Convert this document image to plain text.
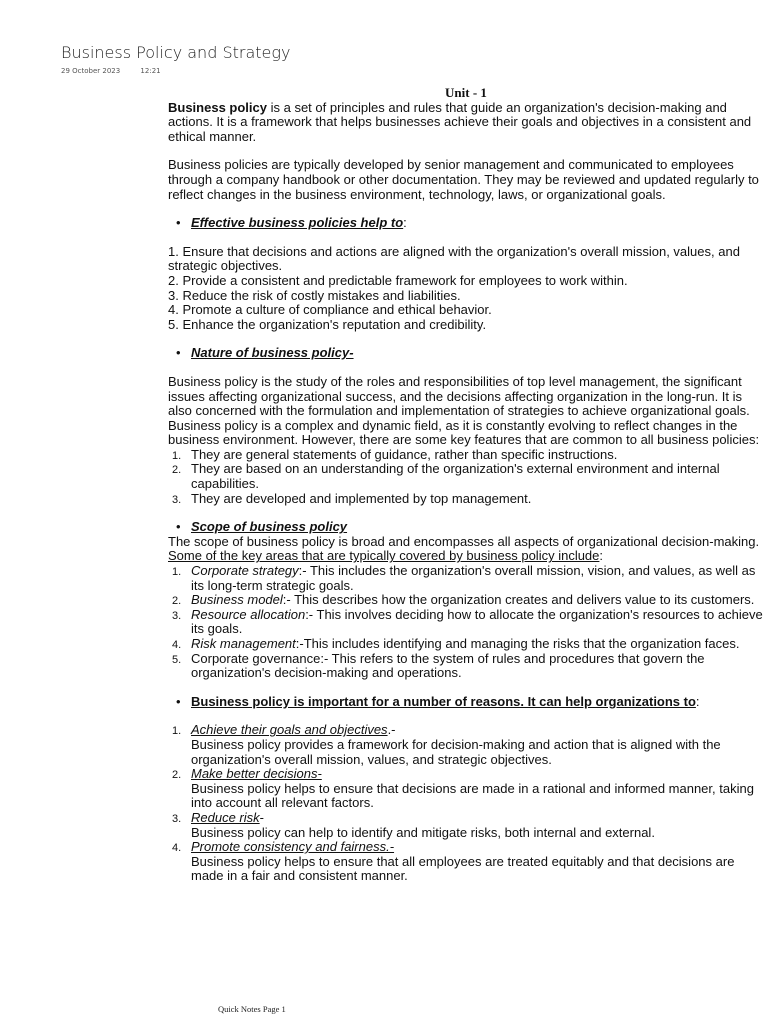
Business Policy and Strategy
29 October 2023	12:21

Unit - 1

Business policy is a set of principles and rules that guide an organization's decision-making and actions. It is a framework that helps businesses achieve their goals and objectives in a consistent and ethical manner.

Business policies are typically developed by senior management and communicated to employees through a company handbook or other documentation. They may be reviewed and updated regularly to reflect changes in the business environment, technology, laws, or organizational goals.

• Effective business policies help to:

1. Ensure that decisions and actions are aligned with the organization's overall mission, values, and strategic objectives.

2. Provide a consistent and predictable framework for employees to work within.

3. Reduce the risk of costly mistakes and liabilities.

4. Promote a culture of compliance and ethical behavior.

5. Enhance the organization's reputation and credibility.

• Nature of business policy-

Business policy is the study of the roles and responsibilities of top level management, the significant issues affecting organizational success, and the decisions affecting organization in the long-run. It is also concerned with the formulation and implementation of strategies to achieve organizational goals.

Business policy is a complex and dynamic field, as it is constantly evolving to reflect changes in the business environment. However, there are some key features that are common to all business policies:

1. They are general statements of guidance, rather than specific instructions.
2. They are based on an understanding of the organization's external environment and internal capabilities.
3. They are developed and implemented by top management.

• Scope of business policy

The scope of business policy is broad and encompasses all aspects of organizational decision-making.

Some of the key areas that are typically covered by business policy include:

1. Corporate strategy:- This includes the organization's overall mission, vision, and values, as well as its long-term strategic goals.
2. Business model:- This describes how the organization creates and delivers value to its customers.
3. Resource allocation:- This involves deciding how to allocate the organization's resources to achieve its goals.
4. Risk management:-This includes identifying and managing the risks that the organization faces.
5. Corporate governance:- This refers to the system of rules and procedures that govern the organization's decision-making and operations.

• Business policy is important for a number of reasons. It can help organizations to:

1. Achieve their goals and objectives.-
Business policy provides a framework for decision-making and action that is aligned with the organization's overall mission, values, and strategic objectives.
2. Make better decisions-
Business policy helps to ensure that decisions are made in a rational and informed manner, taking into account all relevant factors.
3. Reduce risk-
Business policy can help to identify and mitigate risks, both internal and external.
4. Promote consistency and fairness.-
Business policy helps to ensure that all employees are treated equitably and that decisions are made in a fair and consistent manner.
Quick Notes Page 1
